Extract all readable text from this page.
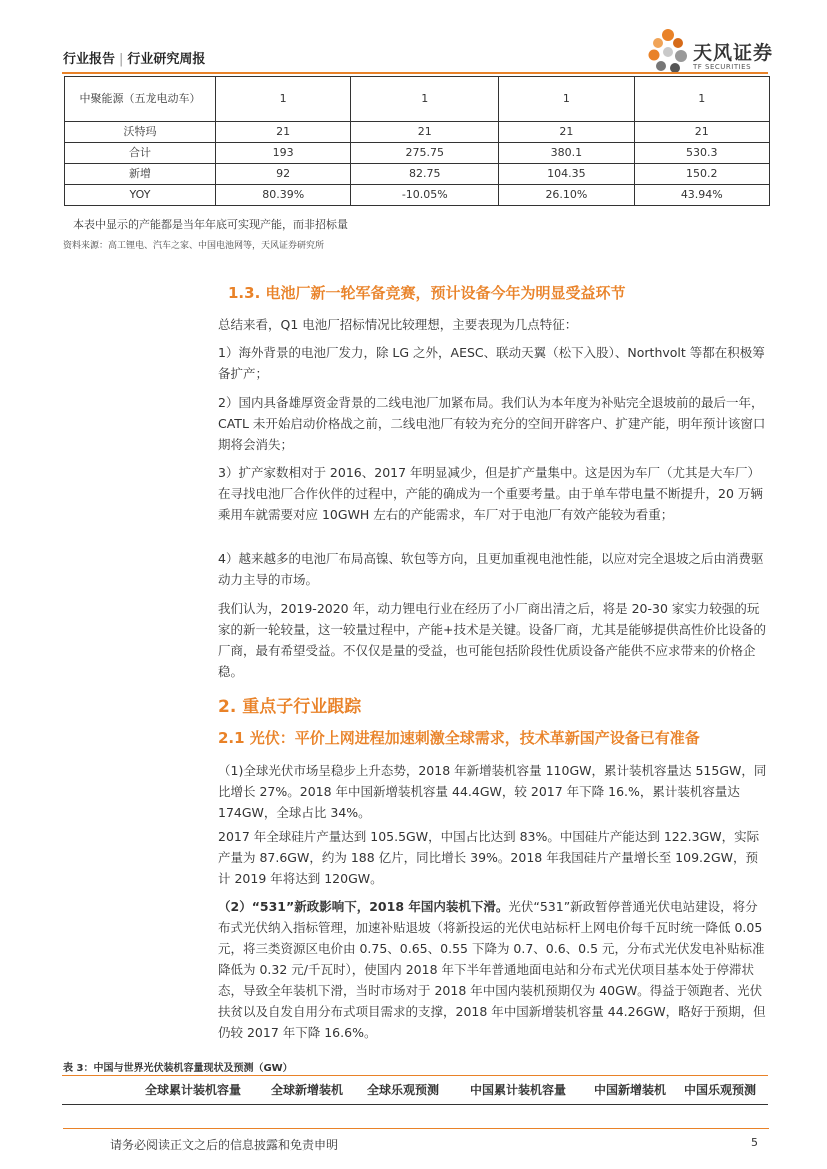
行业报告 | 行业研究周报	天风证券
TF SECURITIES
中聚能源（五龙电动车）	1	1	1	1
沃特玛	21	21	21	21
合计	193	275.75	380.1	530.3
新增	92	82.75	104.35	150.2
YOY	80.39%	-10.05%	26.10%	43.94%
本表中显示的产能都是当年年底可实现产能，而非招标量
资料来源：高工锂电、汽车之家、中国电池网等，天风证券研究所
1.3. 电池厂新一轮军备竞赛，预计设备今年为明显受益环节

总结来看，Q1 电池厂招标情况比较理想，主要表现为几点特征：

1）海外背景的电池厂发力，除 LG 之外，AESC、联动天翼（松下入股）、Northvolt 等都在积极筹备扩产；

2）国内具备雄厚资金背景的二线电池厂加紧布局。我们认为本年度为补贴完全退坡前的最后一年，CATL 未开始启动价格战之前，二线电池厂有较为充分的空间开辟客户、扩建产能，明年预计该窗口期将会消失；

3）扩产家数相对于 2016、2017 年明显减少，但是扩产量集中。这是因为车厂（尤其是大车厂）在寻找电池厂合作伙伴的过程中，产能的确成为一个重要考量。由于单车带电量不断提升，20 万辆乘用车就需要对应 10GWH 左右的产能需求，车厂对于电池厂有效产能较为看重；

4）越来越多的电池厂布局高镍、软包等方向，且更加重视电池性能，以应对完全退坡之后由消费驱动力主导的市场。

我们认为，2019-2020 年，动力锂电行业在经历了小厂商出清之后，将是 20-30 家实力较强的玩家的新一轮较量，这一较量过程中，产能+技术是关键。设备厂商，尤其是能够提供高性价比设备的厂商，最有希望受益。不仅仅是量的受益，也可能包括阶段性优质设备产能供不应求带来的价格企稳。

2. 重点子行业跟踪
2.1 光伏：平价上网进程加速刺激全球需求，技术革新国产设备已有准备

（1)全球光伏市场呈稳步上升态势，2018 年新增装机容量 110GW，累计装机容量达 515GW，同比增长 27%。2018 年中国新增装机容量 44.4GW，较 2017 年下降 16.%，累计装机容量达 174GW，全球占比 34%。

2017 年全球硅片产量达到 105.5GW，中国占比达到 83%。中国硅片产能达到 122.3GW，实际产量为 87.6GW，约为 188 亿片，同比增长 39%。2018 年我国硅片产量增长至 109.2GW，预计 2019 年将达到 120GW。

（2）“531”新政影响下，2018 年国内装机下滑。光伏“531”新政暂停普通光伏电站建设，将分布式光伏纳入指标管理，加速补贴退坡（将新投运的光伏电站标杆上网电价每千瓦时统一降低 0.05 元，将三类资源区电价由 0.75、0.65、0.55 下降为 0.7、0.6、0.5 元，分布式光伏发电补贴标准降低为 0.32 元/千瓦时），使国内 2018 年下半年普通地面电站和分布式光伏项目基本处于停滞状态，导致全年装机下滑，当时市场对于 2018 年中国内装机预期仅为 40GW。得益于领跑者、光伏扶贫以及自发自用分布式项目需求的支撑，2018 年中国新增装机容量 44.26GW，略好于预期，但仍较 2017 年下降 16.6%。

表 3：中国与世界光伏装机容量现状及预测（GW）
全球累计装机容量 全球新增装机 全球乐观预测	中国累计装机容量 中国新增装机 中国乐观预测
请务必阅读正文之后的信息披露和免责申明	5
